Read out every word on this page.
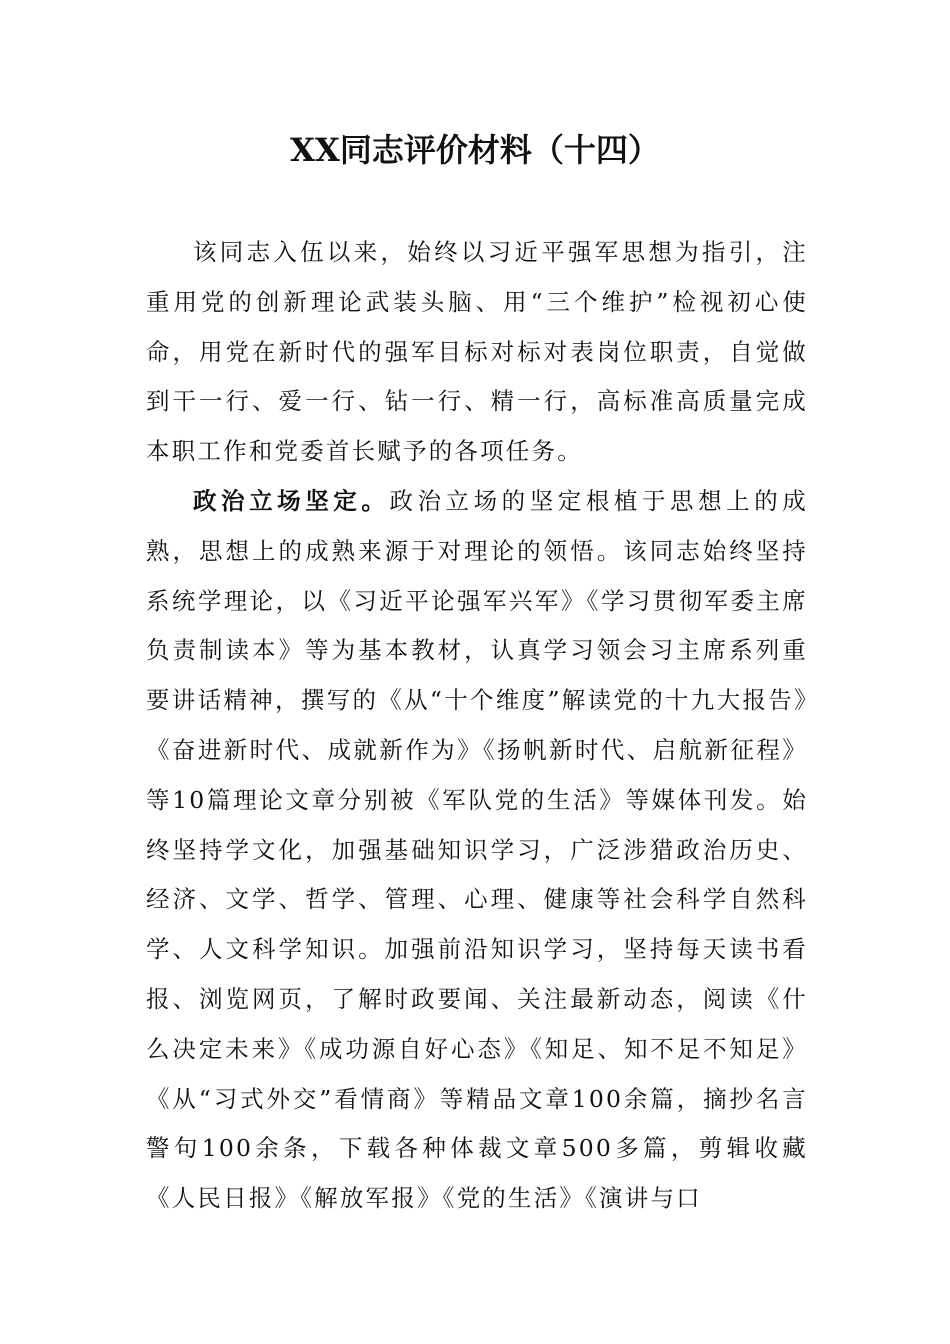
XX同志评价材料（十四）

该同志入伍以来，始终以习近平强军思想为指引，注重用党的创新理论武装头脑、用“三个维护”检视初心使命，用党在新时代的强军目标对标对表岗位职责，自觉做到干一行、爱一行、钻一行、精一行，高标准高质量完成本职工作和党委首长赋予的各项任务。

政治立场坚定。政治立场的坚定根植于思想上的成熟，思想上的成熟来源于对理论的领悟。该同志始终坚持系统学理论，以《习近平论强军兴军》《学习贯彻军委主席负责制读本》等为基本教材，认真学习领会习主席系列重要讲话精神，撰写的《从“十个维度”解读党的十九大报告》《奋进新时代、成就新作为》《扬帆新时代、启航新征程》等10篇理论文章分别被《军队党的生活》等媒体刊发。始终坚持学文化，加强基础知识学习，广泛涉猎政治历史、经济、文学、哲学、管理、心理、健康等社会科学自然科学、人文科学知识。加强前沿知识学习，坚持每天读书看报、浏览网页，了解时政要闻、关注最新动态，阅读《什么决定未来》《成功源自好心态》《知足、知不足不知足》《从“习式外交”看情商》等精品文章100余篇，摘抄名言警句100余条，下载各种体裁文章500多篇，剪辑收藏《人民日报》《解放军报》《党的生活》《演讲与口
